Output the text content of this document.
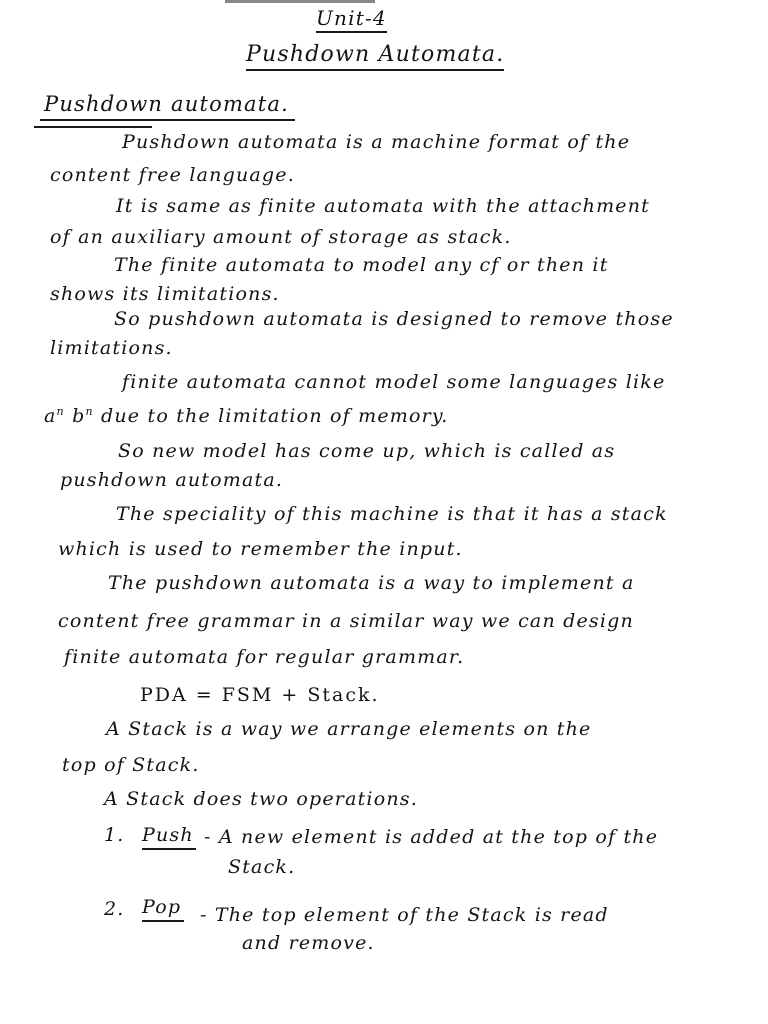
Unit-4
Pushdown Automata.
Pushdown automata.
Pushdown automata is a machine format of the
content free language.
It is same as finite automata with the attachment
of an auxiliary amount of storage as stack.
The finite automata to model any cf or then it
shows its limitations.
So pushdown automata is designed to remove those
limitations.
finite automata cannot model some languages like
$a^n$ $b^n$ due to the limitation of memory.
So new model has come up, which is called as
pushdown automata.
The speciality of this machine is that it has a stack
which is used to remember the input.
The pushdown automata is a way to implement a
content free grammar in a similar way we can design
finite automata for regular grammar.
PDA = FSM + Stack.
A Stack is a way we arrange elements on the
top of Stack.
A Stack does two operations.
1. Push - A new element is added at the top of the
Stack.
2. Pop - The top element of the Stack is read
and remove.
